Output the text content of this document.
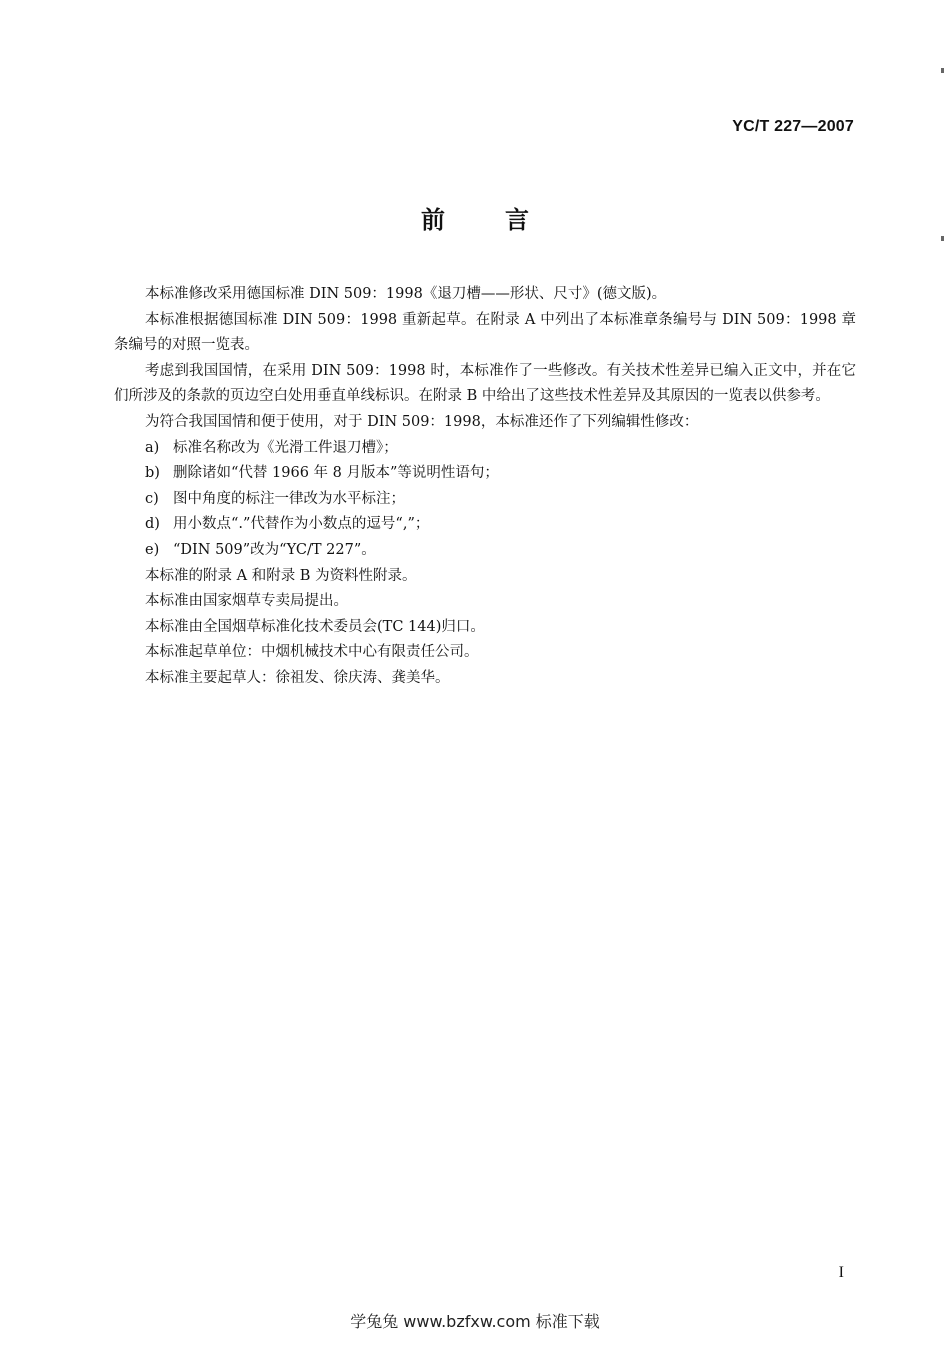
YC/T 227—2007
前言

本标准修改采用德国标准 DIN 509：1998《退刀槽——形状、尺寸》(德文版)。

本标准根据德国标准 DIN 509：1998 重新起草。在附录 A 中列出了本标准章条编号与 DIN 509：1998 章条编号的对照一览表。

考虑到我国国情，在采用 DIN 509：1998 时，本标准作了一些修改。有关技术性差异已编入正文中，并在它们所涉及的条款的页边空白处用垂直单线标识。在附录 B 中给出了这些技术性差异及其原因的一览表以供参考。

为符合我国国情和便于使用，对于 DIN 509：1998，本标准还作了下列编辑性修改：

a) 标准名称改为《光滑工件退刀槽》；
b) 删除诸如“代替 1966 年 8 月版本”等说明性语句；
c) 图中角度的标注一律改为水平标注；
d) 用小数点“.”代替作为小数点的逗号“,”；
e) “DIN 509”改为“YC/T 227”。

本标准的附录 A 和附录 B 为资料性附录。

本标准由国家烟草专卖局提出。

本标准由全国烟草标准化技术委员会(TC 144)归口。

本标准起草单位：中烟机械技术中心有限责任公司。

本标准主要起草人：徐祖发、徐庆涛、龚美华。

I
学兔兔 www.bzfxw.com 标准下载
